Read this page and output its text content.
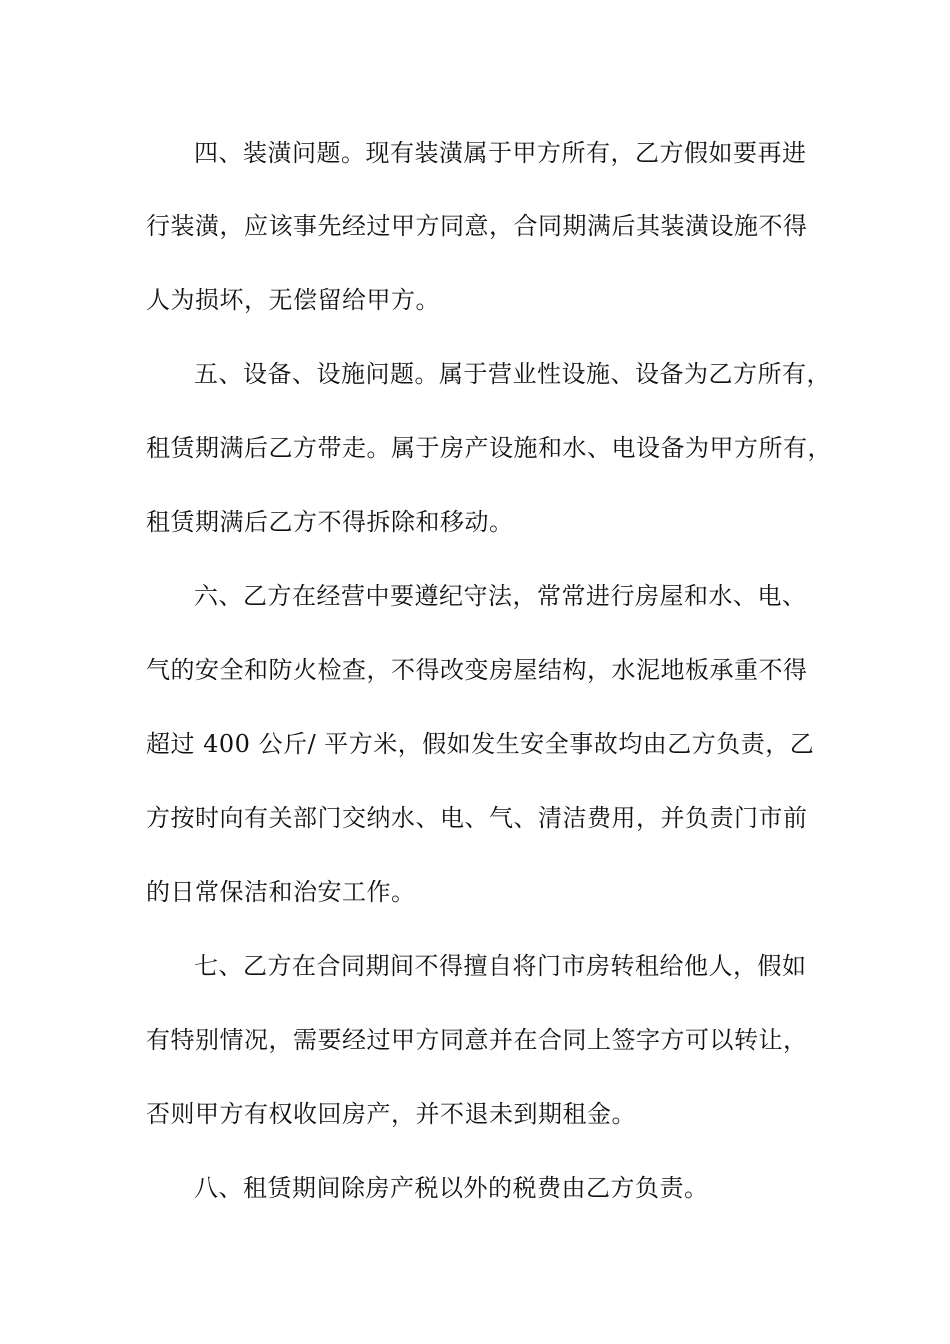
四、装潢问题。现有装潢属于甲方所有，乙方假如要再进
行装潢，应该事先经过甲方同意，合同期满后其装潢设施不得
人为损坏，无偿留给甲方。
五、设备、设施问题。属于营业性设施、设备为乙方所有，
租赁期满后乙方带走。属于房产设施和水、电设备为甲方所有，
租赁期满后乙方不得拆除和移动。
六、乙方在经营中要遵纪守法，常常进行房屋和水、电、
气的安全和防火检查，不得改变房屋结构，水泥地板承重不得
超过 400 公斤/ 平方米，假如发生安全事故均由乙方负责，乙
方按时向有关部门交纳水、电、气、清洁费用，并负责门市前
的日常保洁和治安工作。
七、乙方在合同期间不得擅自将门市房转租给他人，假如
有特别情况，需要经过甲方同意并在合同上签字方可以转让，
否则甲方有权收回房产，并不退未到期租金。
八、租赁期间除房产税以外的税费由乙方负责。
